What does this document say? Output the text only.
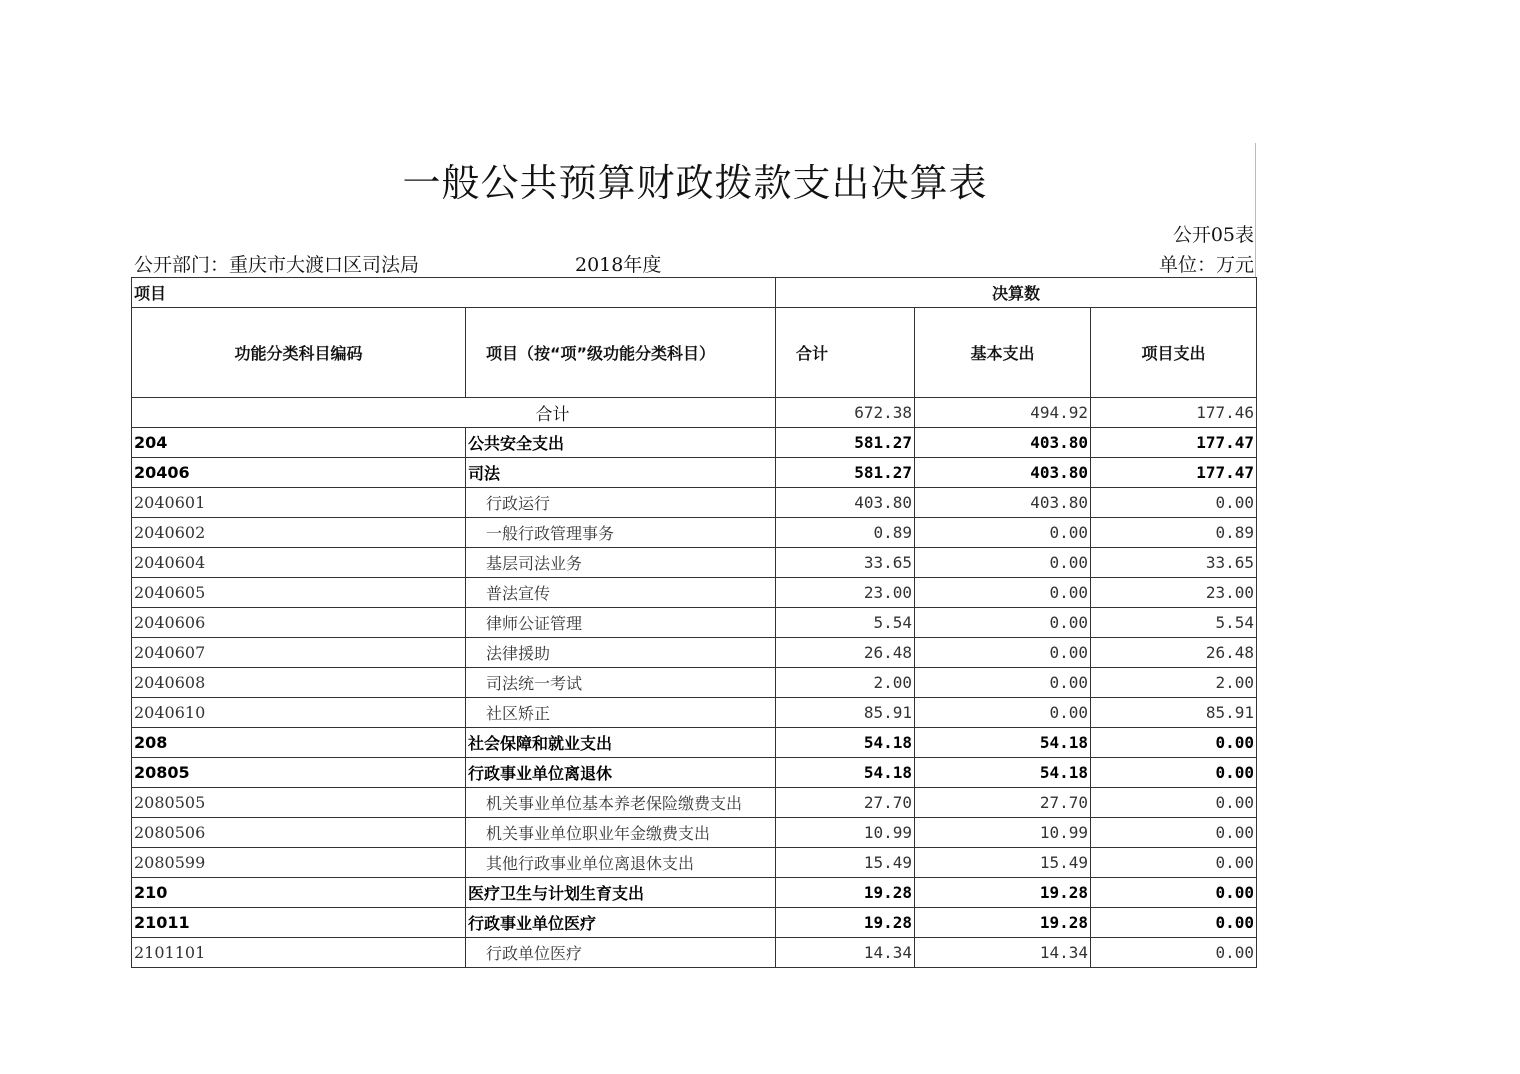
一般公共预算财政拨款支出决算表
公开05表
公开部门：重庆市大渡口区司法局	2018年度	单位：万元
项目		决算数		
功能分类科目编码	项目（按“项”级功能分类科目）	合计	基本支出	项目支出
合计		672.38	494.92	177.46
204	公共安全支出	581.27	403.80	177.47
20406	司法	581.27	403.80	177.47
2040601	行政运行	403.80	403.80	0.00
2040602	一般行政管理事务	0.89	0.00	0.89
2040604	基层司法业务	33.65	0.00	33.65
2040605	普法宣传	23.00	0.00	23.00
2040606	律师公证管理	5.54	0.00	5.54
2040607	法律援助	26.48	0.00	26.48
2040608	司法统一考试	2.00	0.00	2.00
2040610	社区矫正	85.91	0.00	85.91
208	社会保障和就业支出	54.18	54.18	0.00
20805	行政事业单位离退休	54.18	54.18	0.00
2080505	机关事业单位基本养老保险缴费支出	27.70	27.70	0.00
2080506	机关事业单位职业年金缴费支出	10.99	10.99	0.00
2080599	其他行政事业单位离退休支出	15.49	15.49	0.00
210	医疗卫生与计划生育支出	19.28	19.28	0.00
21011	行政事业单位医疗	19.28	19.28	0.00
2101101	行政单位医疗	14.34	14.34	0.00
